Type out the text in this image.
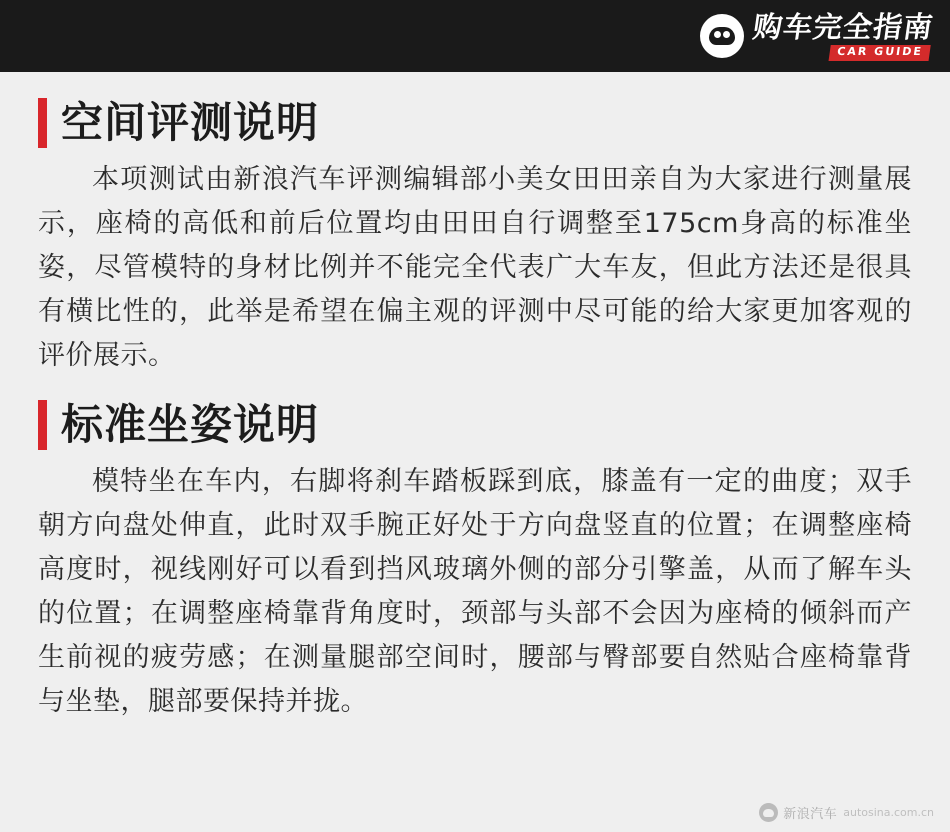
购车完全指南
CAR GUIDE
空间评测说明

本项测试由新浪汽车评测编辑部小美女田田亲自为大家进行测量展示，座椅的高低和前后位置均由田田自行调整至175cm身高的标准坐姿，尽管模特的身材比例并不能完全代表广大车友，但此方法还是很具有横比性的，此举是希望在偏主观的评测中尽可能的给大家更加客观的评价展示。

标准坐姿说明

模特坐在车内，右脚将刹车踏板踩到底，膝盖有一定的曲度；双手朝方向盘处伸直，此时双手腕正好处于方向盘竖直的位置；在调整座椅高度时，视线刚好可以看到挡风玻璃外侧的部分引擎盖，从而了解车头的位置；在调整座椅靠背角度时，颈部与头部不会因为座椅的倾斜而产生前视的疲劳感；在测量腿部空间时，腰部与臀部要自然贴合座椅靠背与坐垫，腿部要保持并拢。

新浪汽车 autosina.com.cn
